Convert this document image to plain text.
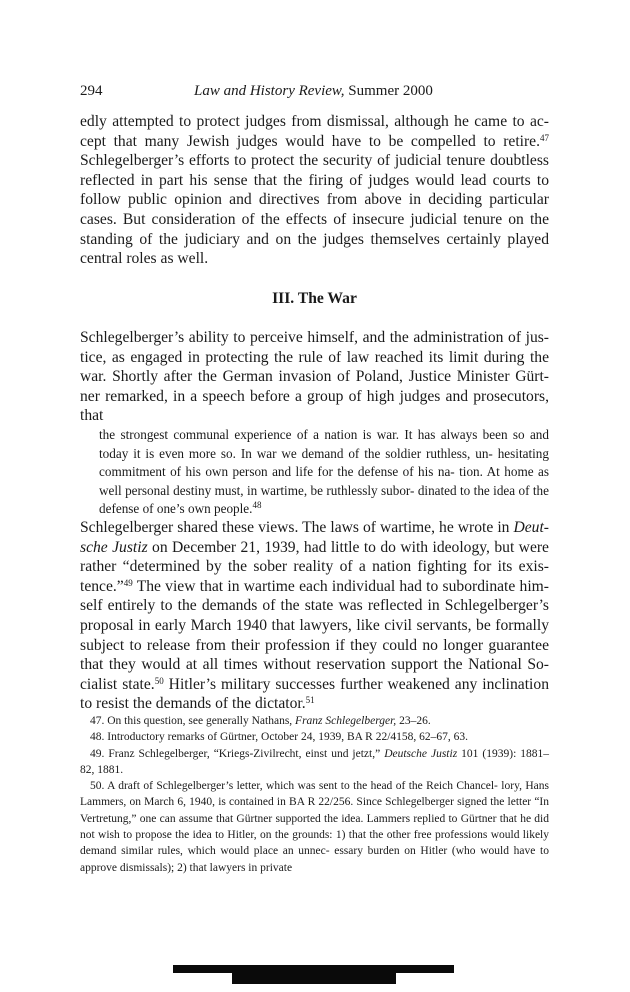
294	Law and History Review, Summer 2000

edly attempted to protect judges from dismissal, although he came to ac- cept that many Jewish judges would have to be compelled to retire.$^{47}$ Schlegelberger’s efforts to protect the security of judicial tenure doubtless reflected in part his sense that the firing of judges would lead courts to follow public opinion and directives from above in deciding particular cases. But consideration of the effects of insecure judicial tenure on the standing of the judiciary and on the judges themselves certainly played central roles as well.

III. The War

Schlegelberger’s ability to perceive himself, and the administration of jus- tice, as engaged in protecting the rule of law reached its limit during the war. Shortly after the German invasion of Poland, Justice Minister Gürt- ner remarked, in a speech before a group of high judges and prosecutors, that

the strongest communal experience of a nation is war. It has always been so and today it is even more so. In war we demand of the soldier ruthless, un- hesitating commitment of his own person and life for the defense of his na- tion. At home as well personal destiny must, in wartime, be ruthlessly subor- dinated to the idea of the defense of one’s own people.$^{48}$

Schlegelberger shared these views. The laws of wartime, he wrote in Deut- sche Justiz on December 21, 1939, had little to do with ideology, but were rather “determined by the sober reality of a nation fighting for its exis- tence.”$^{49}$ The view that in wartime each individual had to subordinate him- self entirely to the demands of the state was reflected in Schlegelberger’s proposal in early March 1940 that lawyers, like civil servants, be formally subject to release from their profession if they could no longer guarantee that they would at all times without reservation support the National So- cialist state.$^{50}$ Hitler’s military successes further weakened any inclination to resist the demands of the dictator.$^{51}$

47. On this question, see generally Nathans, Franz Schlegelberger, 23–26.

48. Introductory remarks of Gürtner, October 24, 1939, BA R 22/4158, 62–67, 63.

49. Franz Schlegelberger, “Kriegs-Zivilrecht, einst und jetzt,” Deutsche Justiz 101 (1939): 1881–82, 1881.

50. A draft of Schlegelberger’s letter, which was sent to the head of the Reich Chancel- lory, Hans Lammers, on March 6, 1940, is contained in BA R 22/256. Since Schlegelberger signed the letter “In Vertretung,” one can assume that Gürtner supported the idea. Lammers replied to Gürtner that he did not wish to propose the idea to Hitler, on the grounds: 1) that the other free professions would likely demand similar rules, which would place an unnec- essary burden on Hitler (who would have to approve dismissals); 2) that lawyers in private
